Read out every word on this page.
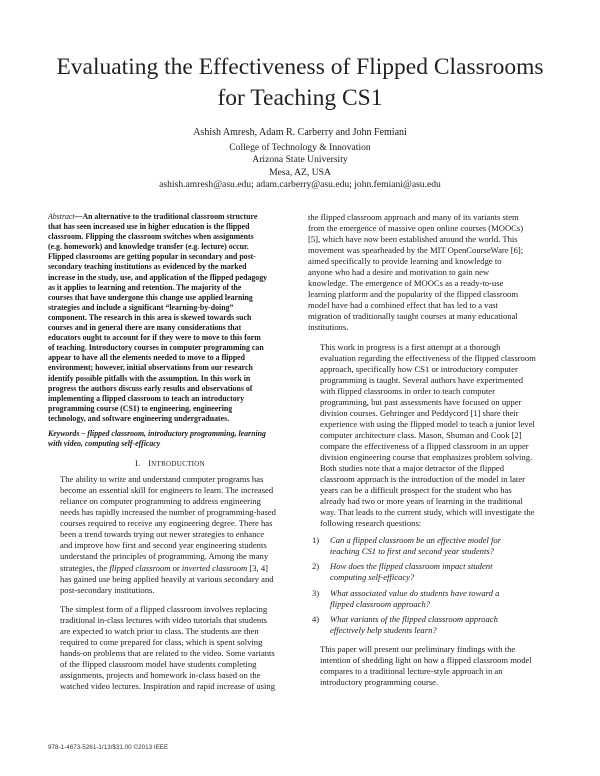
Evaluating the Effectiveness of Flipped Classrooms
for Teaching CS1
Ashish Amresh, Adam R. Carberry and John Femiani
College of Technology & Innovation
Arizona State University
Mesa, AZ, USA
ashish.amresh@asu.edu; adam.carberry@asu.edu; john.femiani@asu.edu

Abstract—An alternative to the traditional classroom structure
that has seen increased use in higher education is the flipped
classroom. Flipping the classroom switches when assignments
(e.g. homework) and knowledge transfer (e.g. lecture) occur.
Flipped classrooms are getting popular in secondary and post-
secondary teaching institutions as evidenced by the marked
increase in the study, use, and application of the flipped pedagogy
as it applies to learning and retention. The majority of the
courses that have undergone this change use applied learning
strategies and include a significant “learning-by-doing”
component. The research in this area is skewed towards such
courses and in general there are many considerations that
educators ought to account for if they were to move to this form
of teaching. Introductory courses in computer programming can
appear to have all the elements needed to move to a flipped
environment; however, initial observations from our research
identify possible pitfalls with the assumption. In this work in
progress the authors discuss early results and observations of
implementing a flipped classroom to teach an introductory
programming course (CS1) to engineering, engineering
technology, and software engineering undergraduates.

Keywords – flipped classroom, introductory programming, learning
with video, computing self-efficacy

I. INTRODUCTION

The ability to write and understand computer programs has
become an essential skill for engineers to learn. The increased
reliance on computer programming to address engineering
needs has rapidly increased the number of programming-based
courses required to receive any engineering degree. There has
been a trend towards trying out newer strategies to enhance
and improve how first and second year engineering students
understand the principles of programming. Among the many
strategies, the flipped classroom or inverted classroom [3, 4]
has gained use being applied heavily at various secondary and
post-secondary institutions.

The simplest form of a flipped classroom involves replacing
traditional in-class lectures with video tutorials that students
are expected to watch prior to class. The students are then
required to come prepared for class, which is spent solving
hands-on problems that are related to the video. Some variants
of the flipped classroom model have students completing
assignments, projects and homework in-class based on the
watched video lectures. Inspiration and rapid increase of using

the flipped classroom approach and many of its variants stem
from the emergence of massive open online courses (MOOCs)
[5], which have now been established around the world. This
movement was spearheaded by the MIT OpenCourseWare [6];
aimed specifically to provide learning and knowledge to
anyone who had a desire and motivation to gain new
knowledge. The emergence of MOOCs as a ready-to-use
learning platform and the popularity of the flipped classroom
model have had a combined effect that has led to a vast
migration of traditionally taught courses at many educational
institutions.

This work in progress is a first attempt at a thorough
evaluation regarding the effectiveness of the flipped classroom
approach, specifically how CS1 or introductory computer
programming is taught. Several authors have experimented
with flipped classrooms in order to teach computer
programming, but past assessments have focused on upper
division courses. Gehringer and Peddycord [1] share their
experience with using the flipped model to teach a junior level
computer architecture class. Mason, Shuman and Cook [2]
compare the effectiveness of a flipped classroom in an upper
division engineering course that emphasizes problem solving.
Both studies note that a major detractor of the flipped
classroom approach is the introduction of the model in later
years can be a difficult prospect for the student who has
already had two or more years of learning in the traditional
way. That leads to the current study, which will investigate the
following research questions:

1) Can a flipped classroom be an effective model for
teaching CS1 to first and second year students?
2) How does the flipped classroom impact student
computing self-efficacy?
3) What associated value do students have toward a
flipped classroom approach?
4) What variants of the flipped classroom approach
effectively help students learn?

This paper will present our preliminary findings with the
intention of shedding light on how a flipped classroom model
compares to a traditional lecture-style approach in an
introductory programming course.

978-1-4673-5261-1/13/$31.00 ©2013 IEEE
